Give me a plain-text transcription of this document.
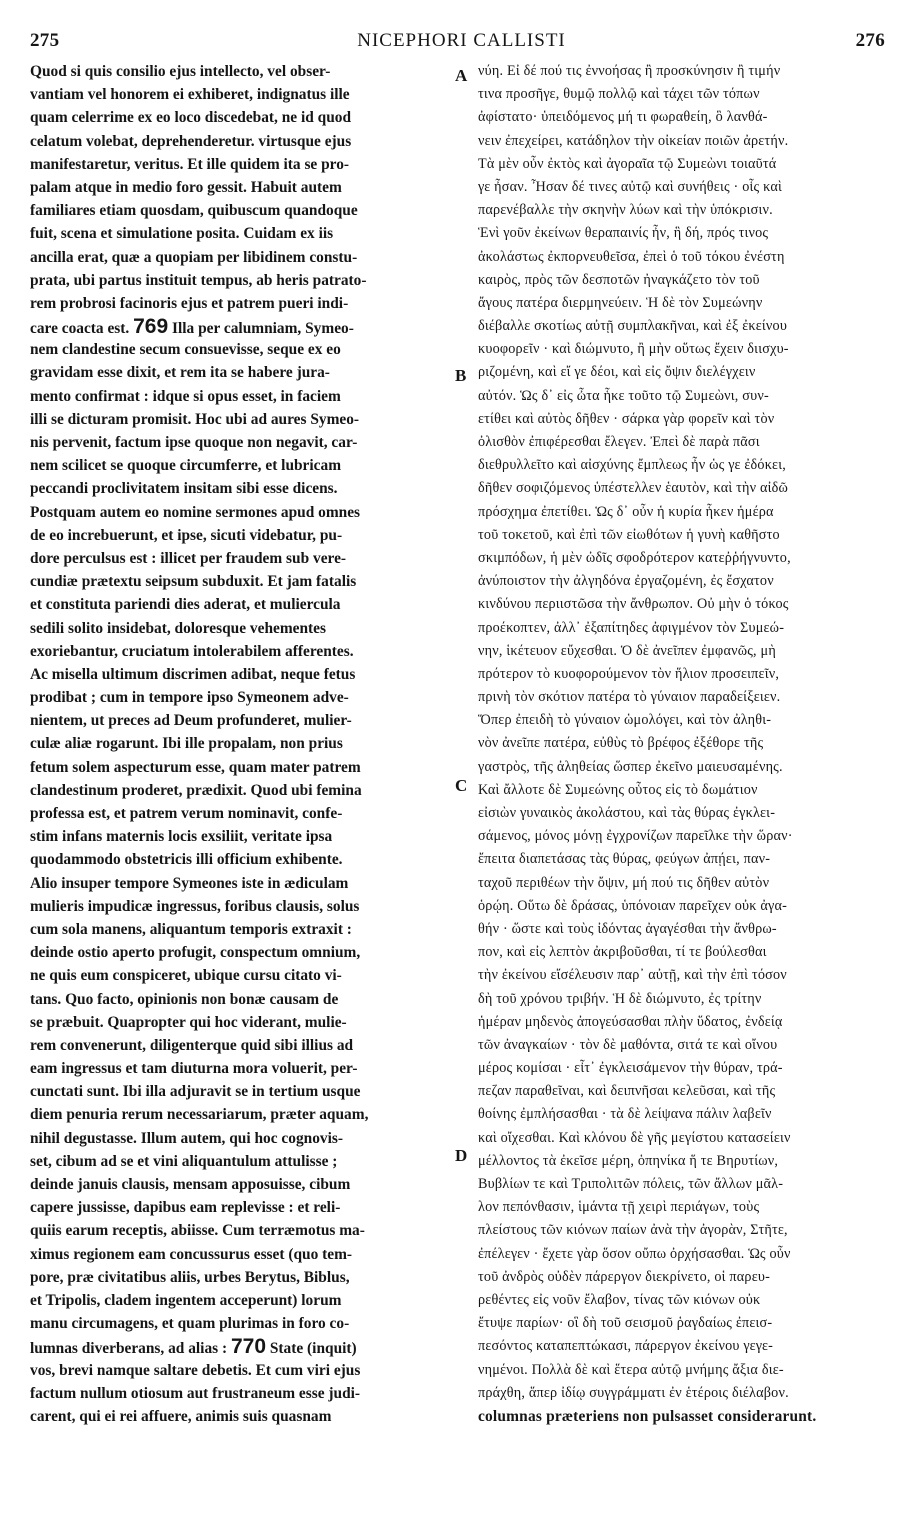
275	NICEPHORI CALLISTI	276
A
B
C
D
Quod si quis consilio ejus intellecto, vel obser-
vantiam vel honorem ei exhiberet, indignatus ille
quam celerrime ex eo loco discedebat, ne id quod
celatum volebat, deprehenderetur. virtusque ejus
manifestaretur, veritus. Et ille quidem ita se pro-
palam atque in medio foro gessit. Habuit autem
familiares etiam quosdam, quibuscum quandoque
fuit, scena et simulatione posita. Cuidam ex iis
ancilla erat, quæ a quopiam per libidinem constu-
prata, ubi partus instituit tempus, ab heris patrato-
rem probrosi facinoris ejus et patrem pueri indi-
care coacta est. 769 Illa per calumniam, Symeo-
nem clandestine secum consuevisse, seque ex eo
gravidam esse dixit, et rem ita se habere jura-
mento confirmat : idque si opus esset, in faciem
illi se dicturam promisit. Hoc ubi ad aures Symeo-
nis pervenit, factum ipse quoque non negavit, car-
nem scilicet se quoque circumferre, et lubricam
peccandi proclivitatem insitam sibi esse dicens.
Postquam autem eo nomine sermones apud omnes
de eo increbuerunt, et ipse, sicuti videbatur, pu-
dore perculsus est : illicet per fraudem sub vere-
cundiæ prætextu seipsum subduxit. Et jam fatalis
et constituta pariendi dies aderat, et muliercula
sedili solito insidebat, doloresque vehementes
exoriebantur, cruciatum intolerabilem afferentes.
Ac misella ultimum discrimen adibat, neque fetus
prodibat ; cum in tempore ipso Symeonem adve-
nientem, ut preces ad Deum profunderet, mulier-
culæ aliæ rogarunt. Ibi ille propalam, non prius
fetum solem aspecturum esse, quam mater patrem
clandestinum proderet, prædixit. Quod ubi femina
professa est, et patrem verum nominavit, confe-
stim infans maternis locis exsiliit, veritate ipsa
quodammodo obstetricis illi officium exhibente.
Alio insuper tempore Symeones iste in ædiculam
mulieris impudicæ ingressus, foribus clausis, solus
cum sola manens, aliquantum temporis extraxit :
deinde ostio aperto profugit, conspectum omnium,
ne quis eum conspiceret, ubique cursu citato vi-
tans. Quo facto, opinionis non bonæ causam de
se præbuit. Quapropter qui hoc viderant, mulie-
rem convenerunt, diligenterque quid sibi illius ad
eam ingressus et tam diuturna mora voluerit, per-
cunctati sunt. Ibi illa adjuravit se in tertium usque
diem penuria rerum necessariarum, præter aquam,
nihil degustasse. Illum autem, qui hoc cognovis-
set, cibum ad se et vini aliquantulum attulisse ;
deinde januis clausis, mensam apposuisse, cibum
capere jussisse, dapibus eam replevisse : et reli-
quiis earum receptis, abiisse. Cum terræmotus ma-
ximus regionem eam concussurus esset (quo tem-
pore, præ civitatibus aliis, urbes Berytus, Biblus,
et Tripolis, cladem ingentem acceperunt) lorum
manu circumagens, et quam plurimas in foro co-
lumnas diverberans, ad alias : 770 State (inquit)
vos, brevi namque saltare debetis. Et cum viri ejus
factum nullum otiosum aut frustraneum esse judi-
carent, qui ei rei affuere, animis suis quasnam
νύη. Εἰ δέ πού τις ἐννοήσας ἢ προσκύνησιν ἢ τιμήν
τινα προσῆγε, θυμῷ πολλῷ καὶ τάχει τῶν τόπων
ἀφίστατο· ὑπειδόμενος μή τι φωραθείη, ὃ λανθά-
νειν ἐπεχείρει, κατάδηλον τὴν οἰκείαν ποιῶν ἀρετήν.
Τὰ μὲν οὖν ἐκτὸς καὶ ἀγοραῖα τῷ Συμεὼνι τοιαῦτά
γε ἦσαν. Ἦσαν δέ τινες αὐτῷ καὶ συνήθεις · οἷς καὶ
παρενέβαλλε τὴν σκηνὴν λύων καὶ τὴν ὑπόκρισιν.
Ἑνὶ γοῦν ἐκείνων θεραπαινίς ἦν, ἣ δή, πρός τινος
ἀκολάστως ἐκπορνευθεῖσα, ἐπεὶ ὁ τοῦ τόκου ἐνέστη
καιρὸς, πρὸς τῶν δεσποτῶν ἠναγκάζετο τὸν τοῦ
ἄγους πατέρα διερμηνεύειν. Ἡ δὲ τὸν Συμεώνην
διέβαλλε σκοτίως αὐτῇ συμπλακῆναι, καὶ ἐξ ἐκείνου
κυοφορεῖν · καὶ διώμνυτο, ἢ μὴν οὕτως ἔχειν διισχυ-
ριζομένη, καὶ εἴ γε δέοι, καὶ εἰς ὄψιν διελέγχειν
αὐτόν. Ὡς δ᾽ εἰς ὦτα ἧκε τοῦτο τῷ Συμεὼνι, συν-
ετίθει καὶ αὐτὸς δῆθεν · σάρκα γὰρ φορεῖν καὶ τὸν
ὀλισθὸν ἐπιφέρεσθαι ἔλεγεν. Ἐπεὶ δὲ παρὰ πᾶσι
διεθρυλλεῖτο καὶ αἰσχύνης ἔμπλεως ἦν ὡς γε ἐδόκει,
δῆθεν σοφιζόμενος ὑπέστελλεν ἑαυτὸν, καὶ τὴν αἰδῶ
πρόσχημα ἐπετίθει. Ὡς δ᾽ οὖν ἡ κυρία ἧκεν ἡμέρα
τοῦ τοκετοῦ, καὶ ἐπὶ τῶν εἰωθότων ἡ γυνὴ καθῆστο
σκιμπόδων, ἡ μὲν ὠδῖς σφοδρότερον κατεῤῥήγνυντο,
ἀνύποιστον τὴν ἀλγηδόνα ἐργαζομένη, ἐς ἔσχατον
κινδύνου περιιστῶσα τὴν ἄνθρωπον. Οὐ μὴν ὁ τόκος
προέκοπτεν, ἀλλ᾽ ἐξαπίτηδες ἀφιγμένον τὸν Συμεώ-
νην, ἱκέτευον εὔχεσθαι. Ὁ δὲ ἀνεῖπεν ἐμφανῶς, μὴ
πρότερον τὸ κυοφορούμενον τὸν ἥλιον προσειπεῖν,
πρινὴ τὸν σκότιον πατέρα τὸ γύναιον παραδείξειεν.
Ὅπερ ἐπειδὴ τὸ γύναιον ὡμολόγει, καὶ τὸν ἀληθι-
νὸν ἀνεῖπε πατέρα, εὐθὺς τὸ βρέφος ἐξέθορε τῆς
γαστρὸς, τῆς ἀληθείας ὥσπερ ἐκεῖνο μαιευσαμένης.
Καὶ ἄλλοτε δὲ Συμεώνης οὗτος εἰς τὸ δωμάτιον
εἰσιὼν γυναικὸς ἀκολάστου, καὶ τὰς θύρας ἐγκλει-
σάμενος, μόνος μόνῃ ἐγχρονίζων παρεῖλκε τὴν ὥραν·
ἔπειτα διαπετάσας τὰς θύρας, φεύγων ἀπῄει, παν-
ταχοῦ περιθέων τὴν ὄψιν, μή πού τις δῆθεν αὐτὸν
ὁρῴη. Οὕτω δὲ δράσας, ὑπόνοιαν παρεῖχεν οὐκ ἀγα-
θήν · ὥστε καὶ τοὺς ἰδόντας ἀγαγέσθαι τὴν ἄνθρω-
πον, καὶ εἰς λεπτὸν ἀκριβοῦσθαι, τί τε βούλεσθαι
τὴν ἐκείνου εἴσέλευσιν παρ᾽ αὐτῇ, καὶ τὴν ἐπὶ τόσον
δὴ τοῦ χρόνου τριβήν. Ἡ δὲ διώμνυτο, ἐς τρίτην
ἡμέραν μηδενὸς ἀπογεύσασθαι πλὴν ὕδατος, ἐνδείᾳ
τῶν ἀναγκαίων · τὸν δὲ μαθόντα, σιτά τε καὶ οἴνου
μέρος κομίσαι · εἶτ᾽ ἐγκλεισάμενον τὴν θύραν, τρά-
πεζαν παραθεῖναι, καὶ δειπνῆσαι κελεῦσαι, καὶ τῆς
θοίνης ἐμπλήσασθαι · τὰ δὲ λείψανα πάλιν λαβεῖν
καὶ οἴχεσθαι. Καὶ κλόνου δὲ γῆς μεγίστου κατασείειν
μέλλοντος τὰ ἐκεῖσε μέρη, ὁπηνίκα ἥ τε Βηρυτίων,
Βυβλίων τε καὶ Τριπολιτῶν πόλεις, τῶν ἄλλων μᾶλ-
λον πεπόνθασιν, ἱμάντα τῇ χειρὶ περιάγων, τοὺς
πλείστους τῶν κιόνων παίων ἀνὰ τὴν ἀγορὰν, Στῆτε,
ἐπέλεγεν · ἔχετε γὰρ ὅσον οὔπω ὀρχήσασθαι. Ὡς οὖν
τοῦ ἀνδρὸς οὐδὲν πάρεργον διεκρίνετο, οἱ παρευ-
ρεθέντες εἰς νοῦν ἔλαβον, τίνας τῶν κιόνων οὐκ
ἔτυψε παρίων· οἳ δὴ τοῦ σεισμοῦ ῥαγδαίως ἐπεισ-
πεσόντος καταπεπτώκασι, πάρεργον ἐκείνου γεγε-
νημένοι. Πολλὰ δὲ καὶ ἕτερα αὐτῷ μνήμης ἄξια διε-
πράχθη, ἅπερ ἰδίῳ συγγράμματι ἐν ἑτέροις διέλαβον.
columnas præteriens non pulsasset considerarunt.
